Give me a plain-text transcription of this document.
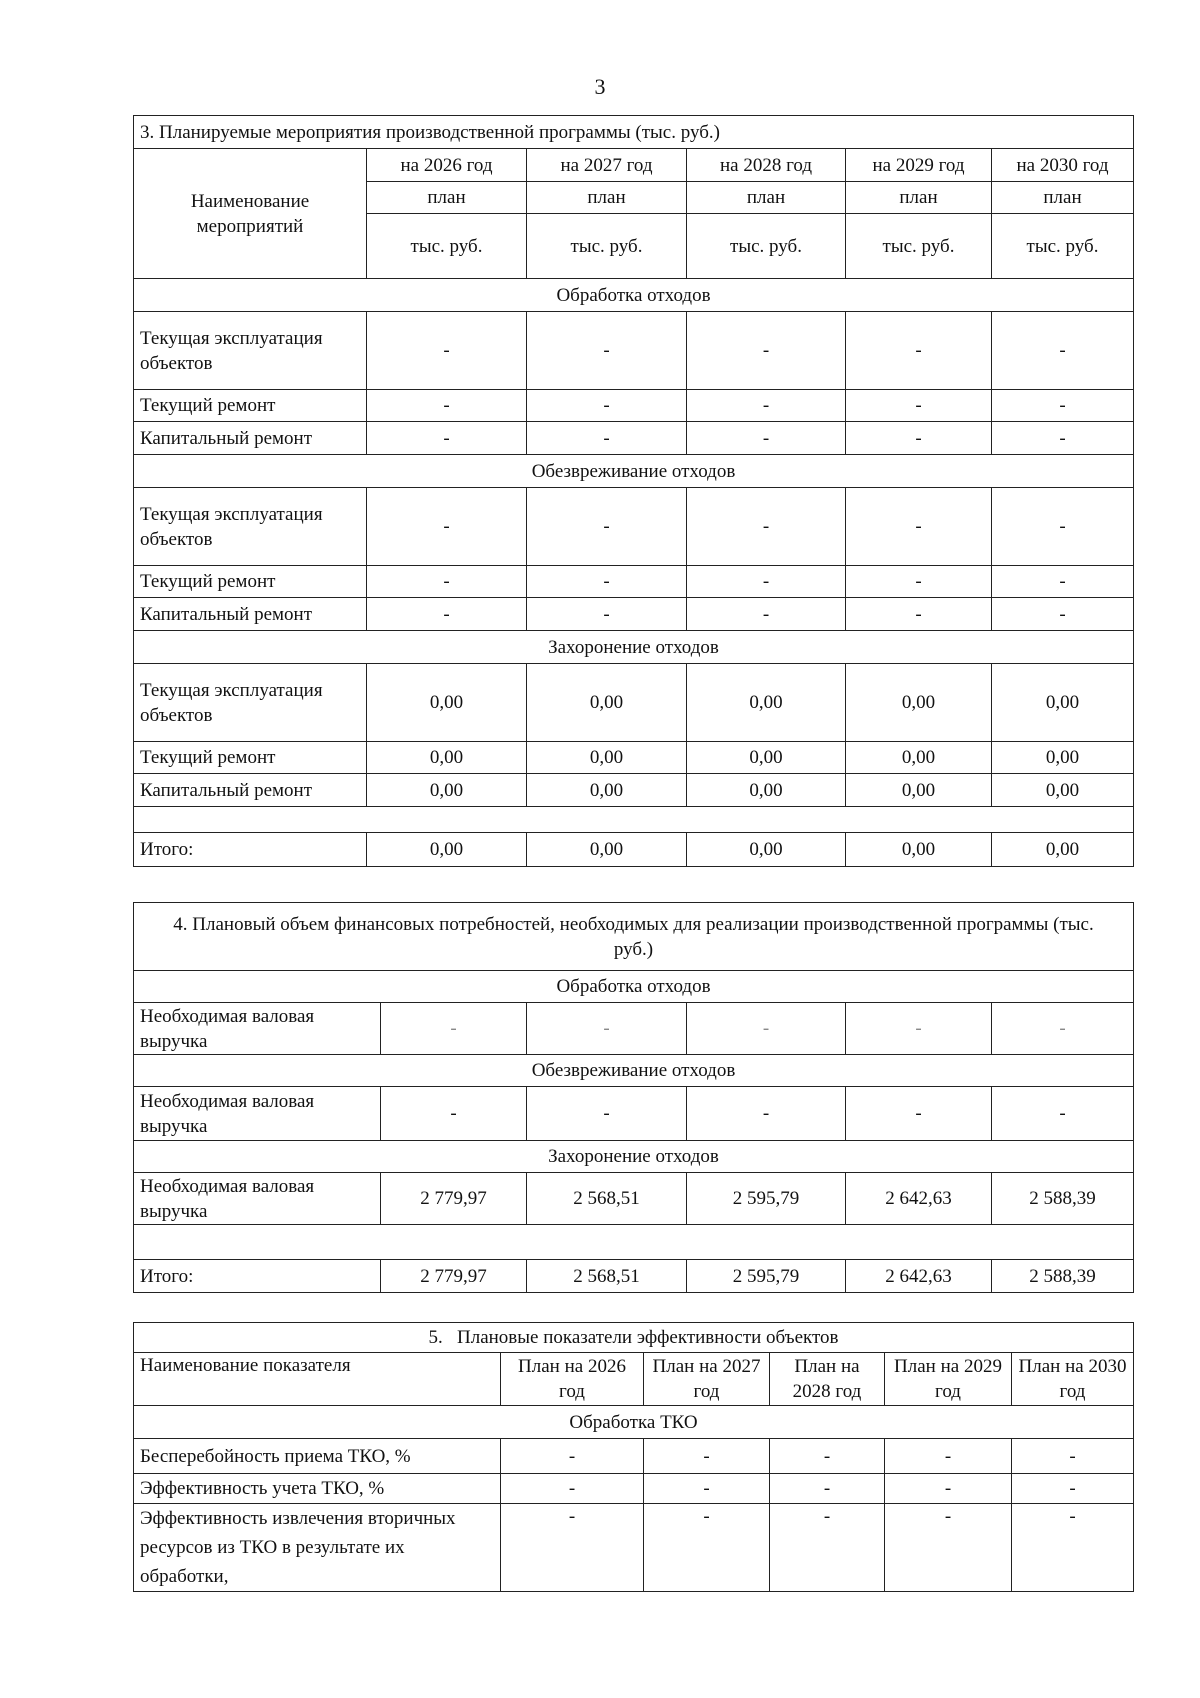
3
3. Планируемые мероприятия производственной программы (тыс. руб.)					
Наименование мероприятий	на 2026 год	на 2027 год	на 2028 год	на 2029 год	на 2030 год
	план	план	план	план	план
	тыс. руб.	тыс. руб.	тыс. руб.	тыс. руб.	тыс. руб.
Обработка отходов					
Текущая эксплуатация объектов	-	-	-	-	-
Текущий ремонт	-	-	-	-	-
Капитальный ремонт	-	-	-	-	-
Обезвреживание отходов					
Текущая эксплуатация объектов	-	-	-	-	-
Текущий ремонт	-	-	-	-	-
Капитальный ремонт	-	-	-	-	-
Захоронение отходов					
Текущая эксплуатация объектов	0,00	0,00	0,00	0,00	0,00
Текущий ремонт	0,00	0,00	0,00	0,00	0,00
Капитальный ремонт	0,00	0,00	0,00	0,00	0,00

Итого:	0,00	0,00	0,00	0,00	0,00
4. Плановый объем финансовых потребностей, необходимых для реализации производственной программы (тыс. руб.)					
Обработка отходов					
Необходимая валовая выручка	-	-	-	-	-
Обезвреживание отходов					
Необходимая валовая выручка	-	-	-	-	-
Захоронение отходов					
Необходимая валовая выручка	2 779,97	2 568,51	2 595,79	2 642,63	2 588,39

Итого:	2 779,97	2 568,51	2 595,79	2 642,63	2 588,39
5.   Плановые показатели эффективности объектов					
Наименование показателя	План на 2026 год	План на 2027 год	План на 2028 год	План на 2029 год	План на 2030 год
Обработка ТКО					
Бесперебойность приема ТКО, %	-	-	-	-	-
Эффективность учета ТКО, %	-	-	-	-	-
Эффективность извлечения вторичных ресурсов из ТКО в результате их обработки,	-	-	-	-	-
